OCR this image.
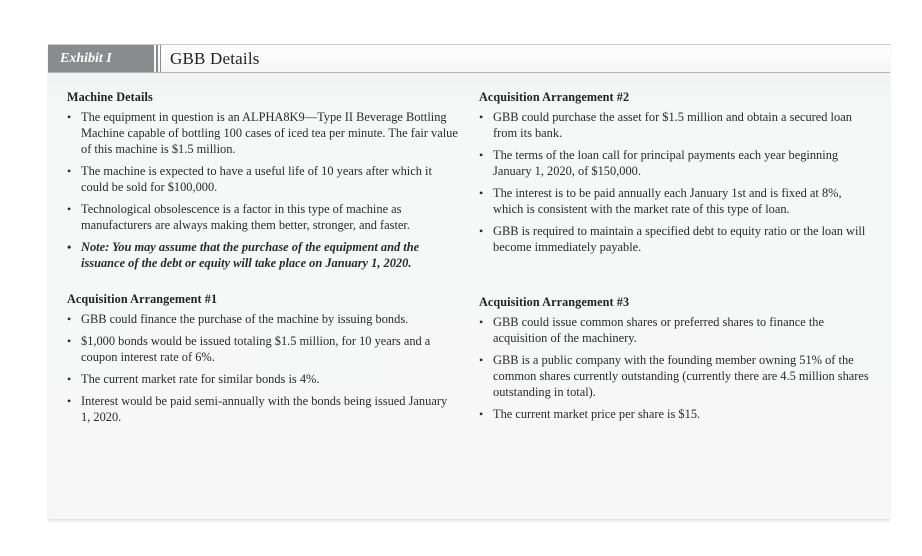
Exhibit I	GBB Details
Machine Details
• The equipment in question is an ALPHA8K9—Type II Beverage Bottling Machine capable of bottling 100 cases of iced tea per minute. The fair value of this machine is $1.5 million.
• The machine is expected to have a useful life of 10 years after which it could be sold for $100,000.
• Technological obsolescence is a factor in this type of machine as manufacturers are always making them better, stronger, and faster.
• Note: You may assume that the purchase of the equipment and the issuance of the debt or equity will take place on January 1, 2020.
Acquisition Arrangement #1
• GBB could finance the purchase of the machine by issuing bonds.
• $1,000 bonds would be issued totaling $1.5 million, for 10 years and a coupon interest rate of 6%.
• The current market rate for similar bonds is 4%.
• Interest would be paid semi-annually with the bonds being issued January 1, 2020.
Acquisition Arrangement #2
• GBB could purchase the asset for $1.5 million and obtain a secured loan from its bank.
• The terms of the loan call for principal payments each year beginning January 1, 2020, of $150,000.
• The interest is to be paid annually each January 1st and is fixed at 8%, which is consistent with the market rate of this type of loan.
• GBB is required to maintain a specified debt to equity ratio or the loan will become immediately payable.
Acquisition Arrangement #3
• GBB could issue common shares or preferred shares to finance the acquisition of the machinery.
• GBB is a public company with the founding member owning 51% of the common shares currently outstanding (currently there are 4.5 million shares outstanding in total).
• The current market price per share is $15.
